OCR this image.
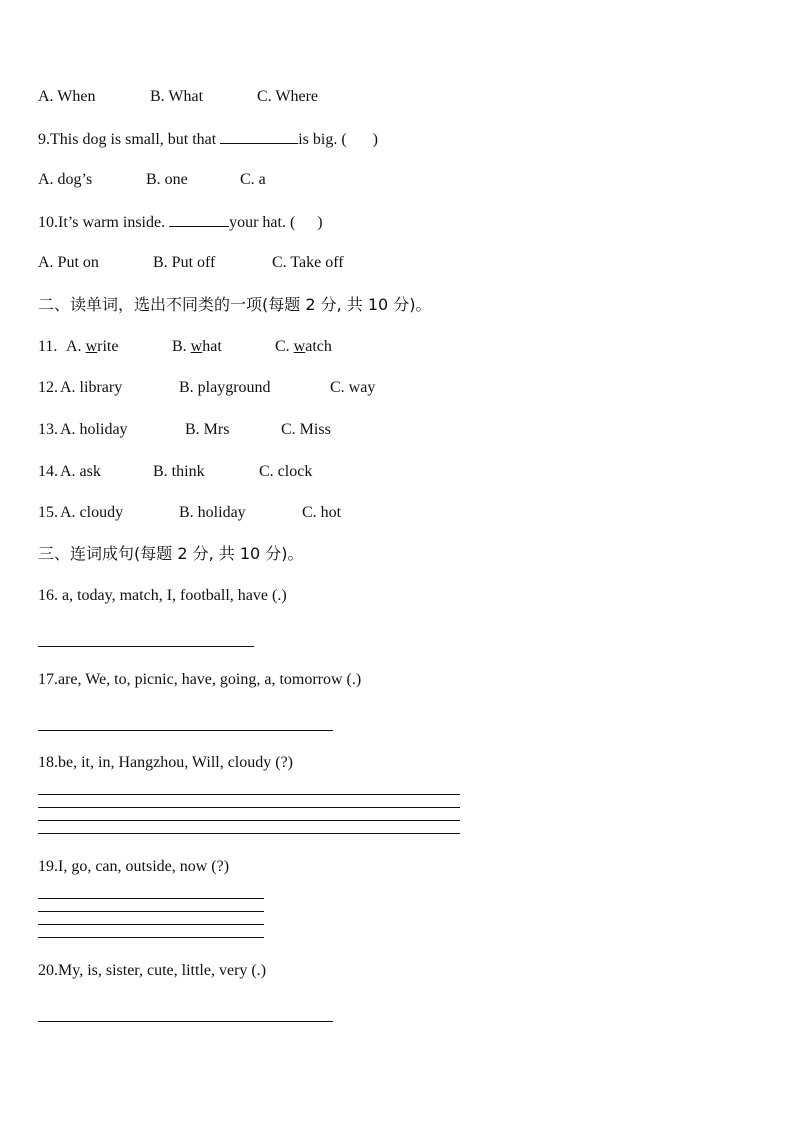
A. When	B. What	C. Where
9.This dog is small, but that	is big. ( )
A. dog’s	B. one	C. a
10.It’s warm inside.	your hat. ( )
A. Put on	B. Put off	C. Take off
二、读单词，选出不同类的一项(每题 2 分, 共 10 分)。
11. A. write	B. what	C. watch
12. A. library	B. playground	C. way
13. A. holiday	B. Mrs	C. Miss
14. A. ask	B. think	C. clock
15. A. cloudy	B. holiday	C. hot
三、连词成句(每题 2 分, 共 10 分)。
16. a, today, match, I, football, have (.)
17.are, We, to, picnic, have, going, a, tomorrow (.)
18.be, it, in, Hangzhou, Will, cloudy (?)
19.I, go, can, outside, now (?)
20.My, is, sister, cute, little, very (.)
